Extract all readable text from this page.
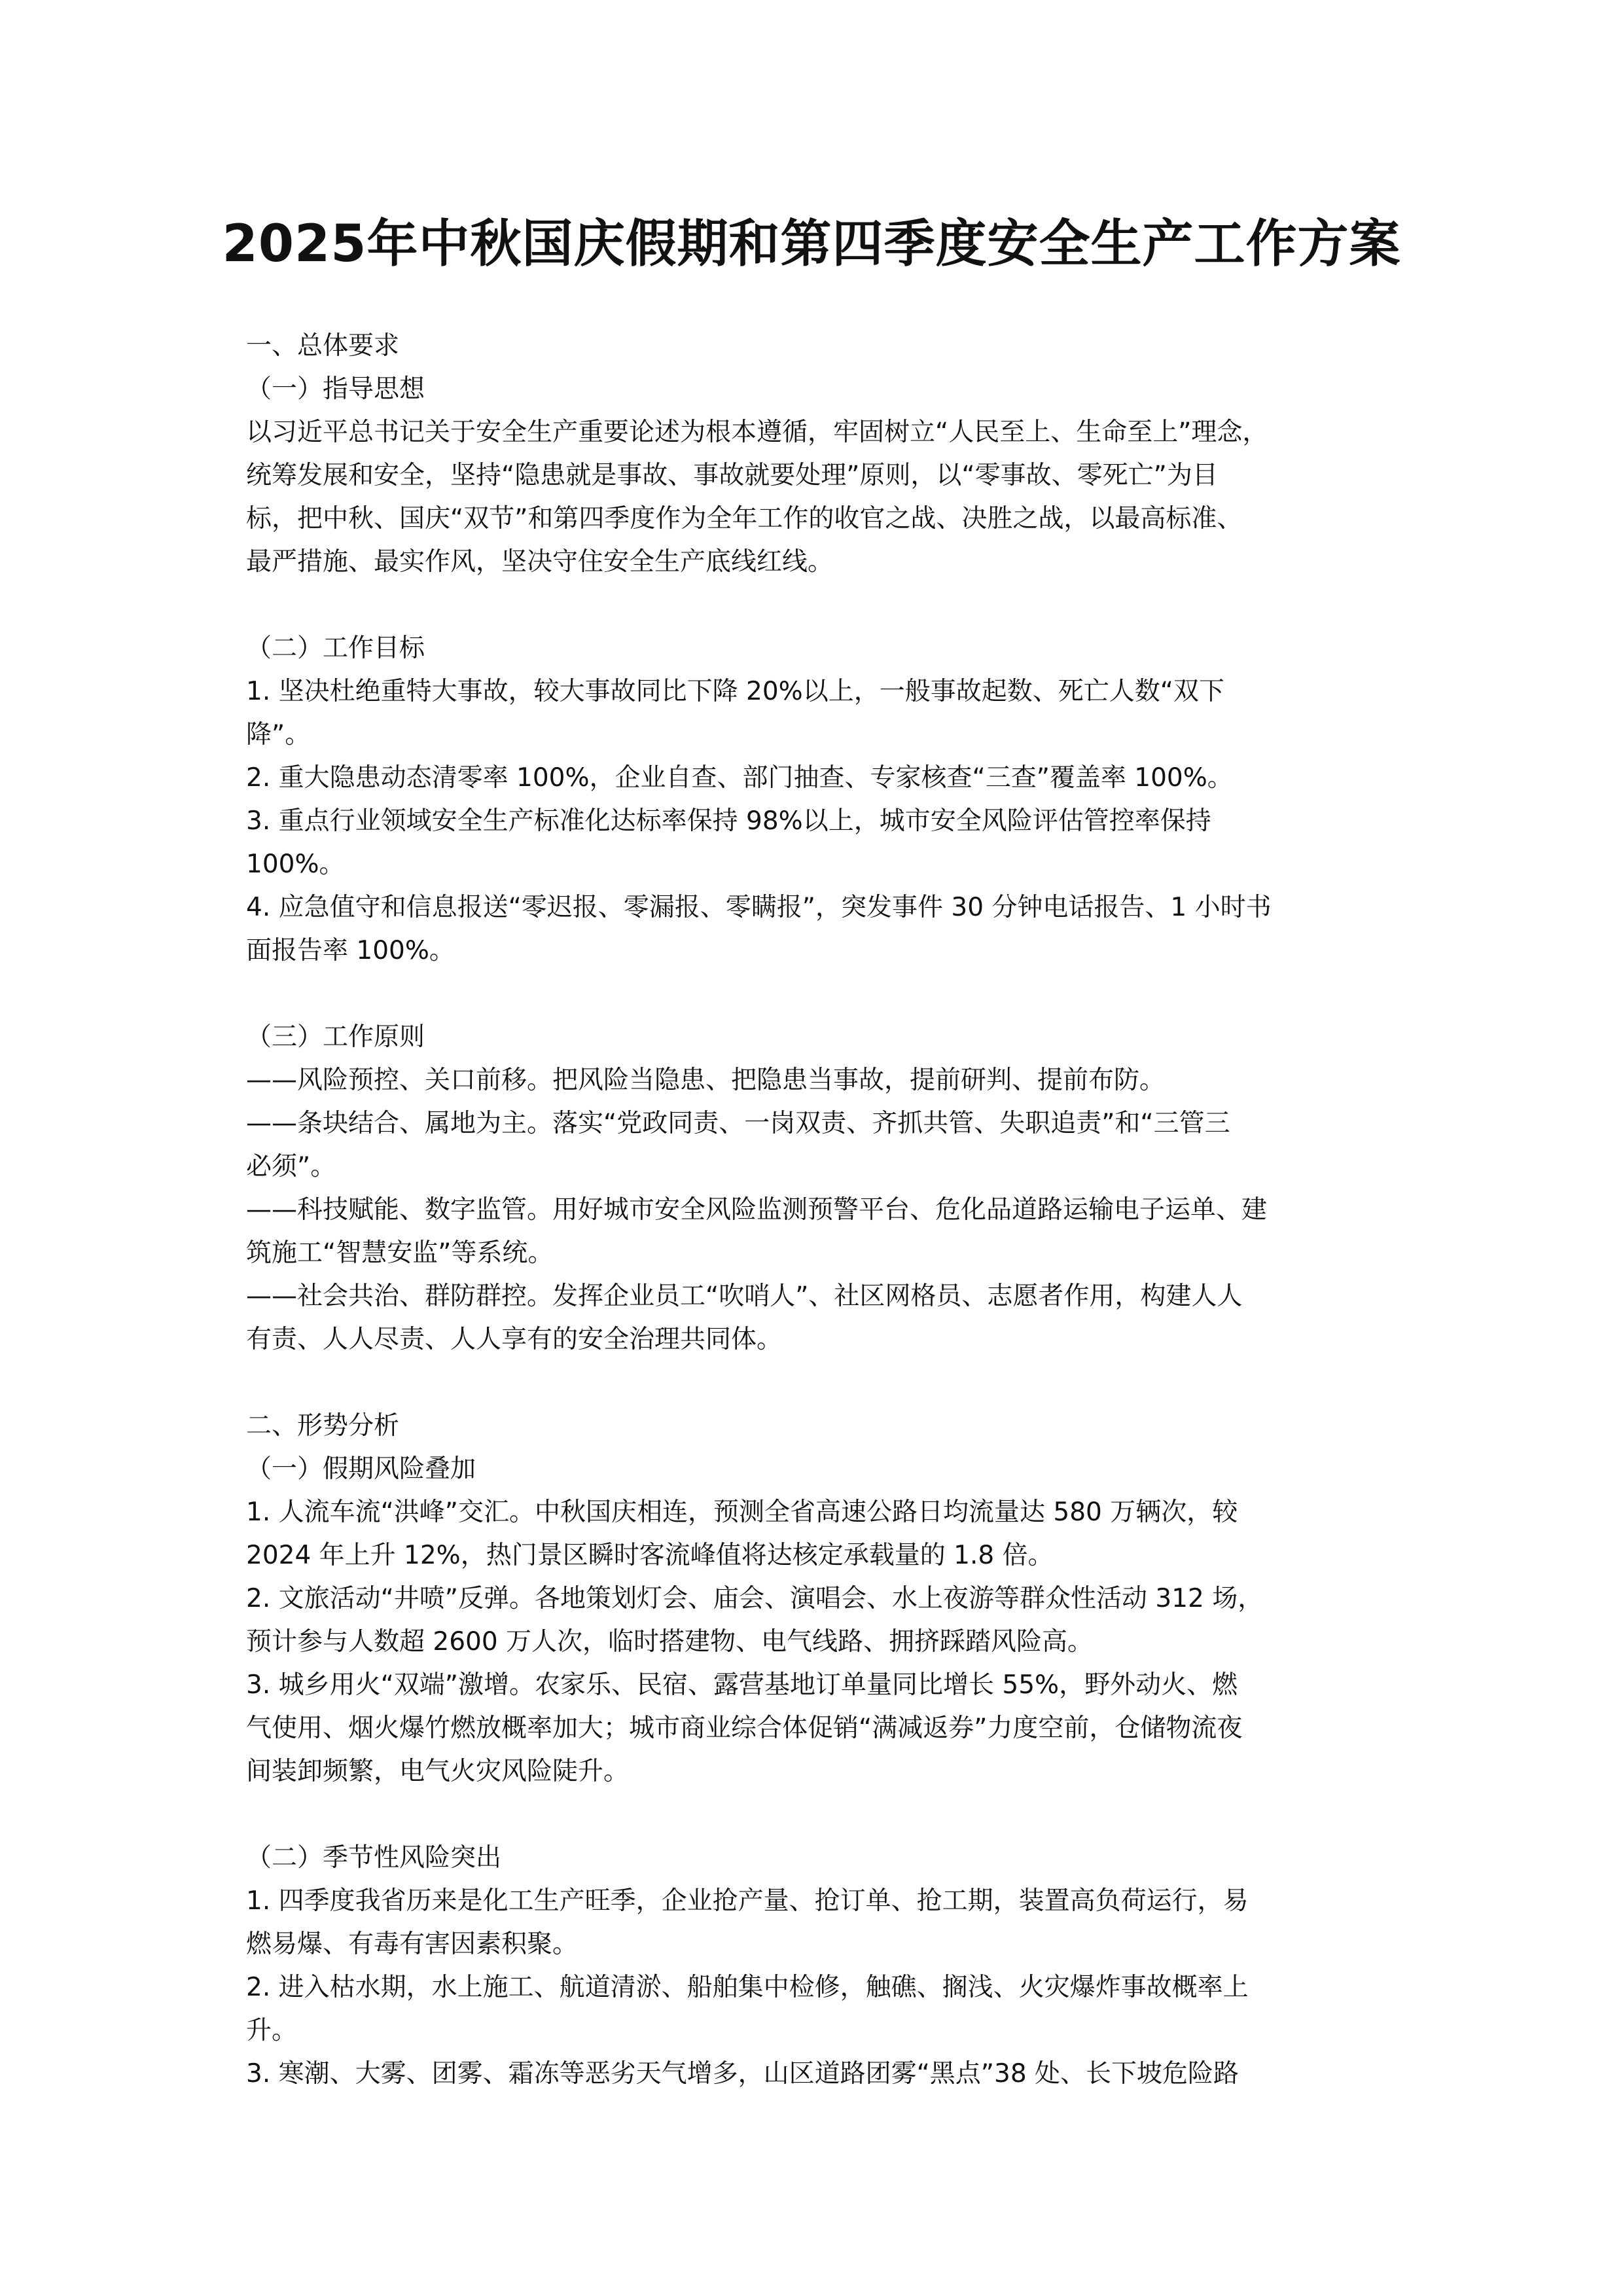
2025年中秋国庆假期和第四季度安全生产工作方案
一、总体要求
（一）指导思想
以习近平总书记关于安全生产重要论述为根本遵循，牢固树立“人民至上、生命至上”理念，
统筹发展和安全，坚持“隐患就是事故、事故就要处理”原则，以“零事故、零死亡”为目
标，把中秋、国庆“双节”和第四季度作为全年工作的收官之战、决胜之战，以最高标准、
最严措施、最实作风，坚决守住安全生产底线红线。
（二）工作目标
1. 坚决杜绝重特大事故，较大事故同比下降 20%以上，一般事故起数、死亡人数“双下
降”。
2. 重大隐患动态清零率 100%，企业自查、部门抽查、专家核查“三查”覆盖率 100%。
3. 重点行业领域安全生产标准化达标率保持 98%以上，城市安全风险评估管控率保持
100%。
4. 应急值守和信息报送“零迟报、零漏报、零瞒报”，突发事件 30 分钟电话报告、1 小时书
面报告率 100%。
（三）工作原则
——风险预控、关口前移。把风险当隐患、把隐患当事故，提前研判、提前布防。
——条块结合、属地为主。落实“党政同责、一岗双责、齐抓共管、失职追责”和“三管三
必须”。
——科技赋能、数字监管。用好城市安全风险监测预警平台、危化品道路运输电子运单、建
筑施工“智慧安监”等系统。
——社会共治、群防群控。发挥企业员工“吹哨人”、社区网格员、志愿者作用，构建人人
有责、人人尽责、人人享有的安全治理共同体。
二、形势分析
（一）假期风险叠加
1. 人流车流“洪峰”交汇。中秋国庆相连，预测全省高速公路日均流量达 580 万辆次，较
2024 年上升 12%，热门景区瞬时客流峰值将达核定承载量的 1.8 倍。
2. 文旅活动“井喷”反弹。各地策划灯会、庙会、演唱会、水上夜游等群众性活动 312 场，
预计参与人数超 2600 万人次，临时搭建物、电气线路、拥挤踩踏风险高。
3. 城乡用火“双端”激增。农家乐、民宿、露营基地订单量同比增长 55%，野外动火、燃
气使用、烟火爆竹燃放概率加大；城市商业综合体促销“满减返券”力度空前，仓储物流夜
间装卸频繁，电气火灾风险陡升。
（二）季节性风险突出
1. 四季度我省历来是化工生产旺季，企业抢产量、抢订单、抢工期，装置高负荷运行，易
燃易爆、有毒有害因素积聚。
2. 进入枯水期，水上施工、航道清淤、船舶集中检修，触礁、搁浅、火灾爆炸事故概率上
升。
3. 寒潮、大雾、团雾、霜冻等恶劣天气增多，山区道路团雾“黑点”38 处、长下坡危险路
